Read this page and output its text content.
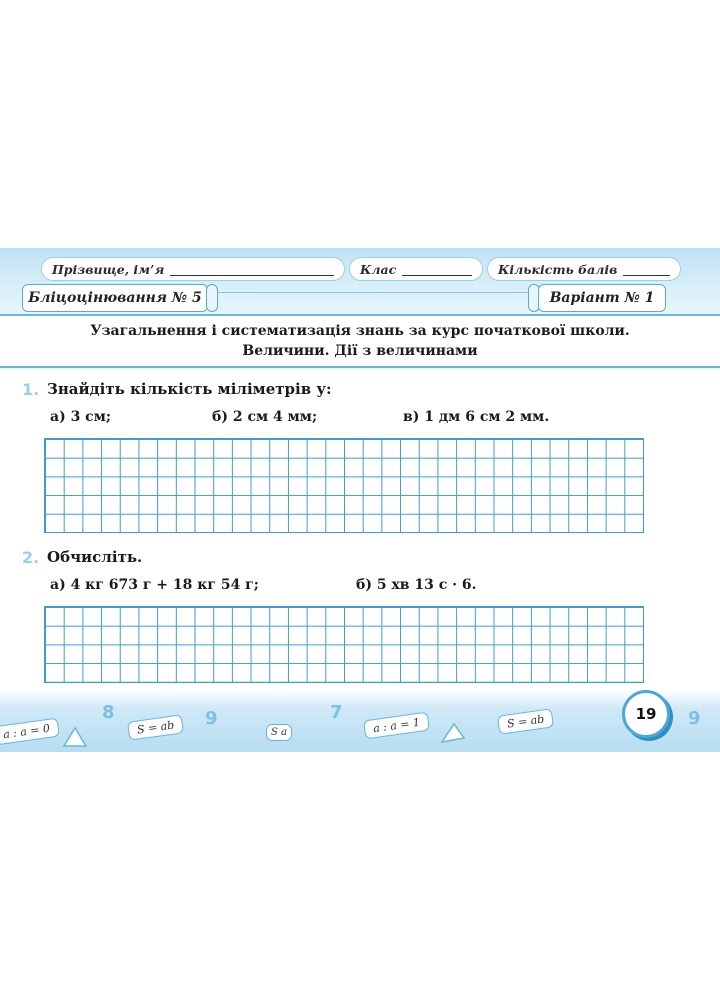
Прізвище, ім’я	Клас	Кількість балів
Бліцоцінювання № 5	Варіант № 1
Узагальнення і систематизація знань за курс початкової школи.
Величини. Дії з величинами
1. Знайдіть кількість міліметрів у:
а) 3 см;	б) 2 см 4 мм;	в) 1 дм 6 см 2 мм.
2. Обчисліть.
а) 4 кг 673 г + 18 кг 54 г;	б) 5 хв 13 с · 6.
a : a = 0
8
S = ab	9
S a
7
a : a = 1	S = ab	9
19
